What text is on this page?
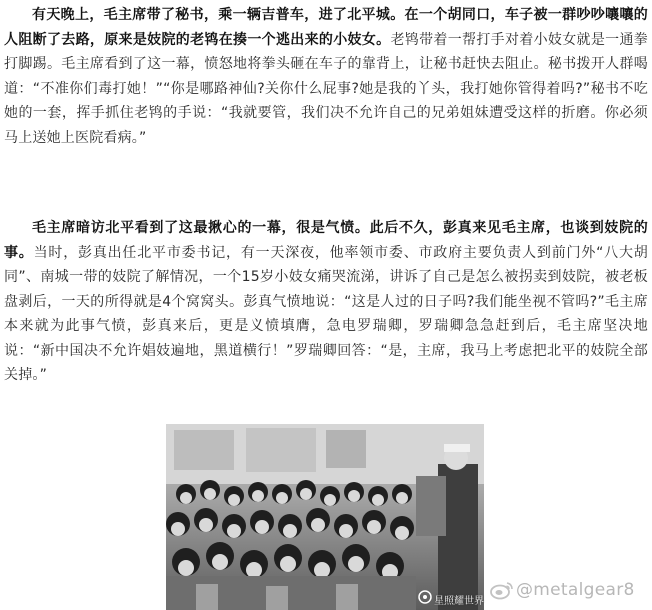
有天晚上，毛主席带了秘书，乘一辆吉普车，进了北平城。在一个胡同口，车子被一群吵吵嚷嚷的人阻断了去路，原来是妓院的老鸨在揍一个逃出来的小妓女。老鸨带着一帮打手对着小妓女就是一通拳打脚踢。毛主席看到了这一幕，愤怒地将拳头砸在车子的靠背上，让秘书赶快去阻止。秘书拨开人群喝道：“不准你们毒打她！”“你是哪路神仙?关你什么屁事?她是我的丫头，我打她你管得着吗?”秘书不吃她的一套，挥手抓住老鸨的手说：“我就要管，我们决不允许自己的兄弟姐妹遭受这样的折磨。你必须马上送她上医院看病。”

毛主席暗访北平看到了这最揪心的一幕，很是气愤。此后不久，彭真来见毛主席，也谈到妓院的事。当时，彭真出任北平市委书记，有一天深夜，他率领市委、市政府主要负责人到前门外“八大胡同”、南城一带的妓院了解情况，一个15岁小妓女痛哭流涕，讲诉了自己是怎么被拐卖到妓院，被老板盘剥后，一天的所得就是4个窝窝头。彭真气愤地说：“这是人过的日子吗?我们能坐视不管吗?”毛主席本来就为此事气愤，彭真来后，更是义愤填膺，急电罗瑞卿，罗瑞卿急急赶到后，毛主席坚决地说：“新中国决不允许娼妓遍地，黑道横行！”罗瑞卿回答：“是，主席，我马上考虑把北平的妓院全部关掉。”

星照耀世界
@metalgear8
